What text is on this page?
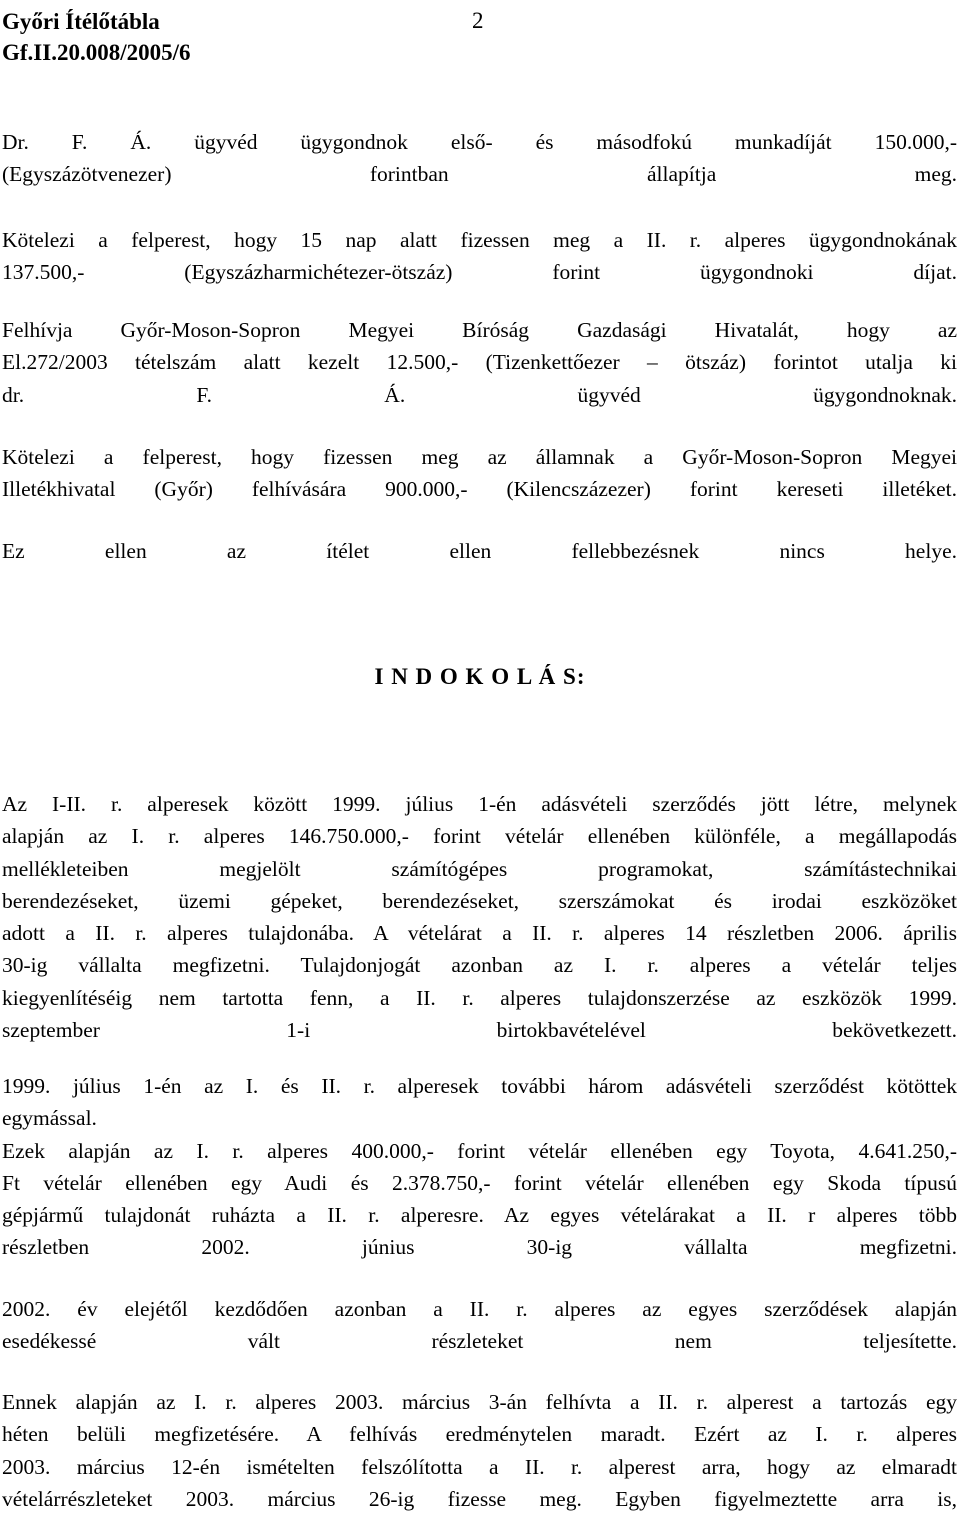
Győri Ítélőtábla
Gf.II.20.008/2005/6
2
Dr. F. Á. ügyvéd ügygondnok első- és másodfokú munkadíját 150.000,-
(Egyszázötvenezer) forintban állapítja meg.
Kötelezi a felperest, hogy 15 nap alatt fizessen meg a II. r. alperes ügygondnokának
137.500,- (Egyszázharmichétezer-ötszáz) forint ügygondnoki díjat.
Felhívja Győr-Moson-Sopron Megyei Bíróság Gazdasági Hivatalát, hogy az
El.272/2003 tételszám alatt kezelt 12.500,- (Tizenkettőezer – ötszáz) forintot utalja ki
dr. F. Á. ügyvéd ügygondnoknak.
Kötelezi a felperest, hogy fizessen meg az államnak a Győr-Moson-Sopron Megyei
Illetékhivatal (Győr) felhívására 900.000,- (Kilencszázezer) forint kereseti illetéket.
Ez ellen az ítélet ellen fellebbezésnek nincs helye.
I N D O K O L Á S:
Az I-II. r. alperesek között 1999. július 1-én adásvételi szerződés jött létre, melynek
alapján az I. r. alperes 146.750.000,- forint vételár ellenében különféle, a megállapodás
mellékleteiben megjelölt számítógépes programokat, számítástechnikai
berendezéseket, üzemi gépeket, berendezéseket, szerszámokat és irodai eszközöket
adott a II. r. alperes tulajdonába. A vételárat a II. r. alperes 14 részletben 2006. április
30-ig vállalta megfizetni. Tulajdonjogát azonban az I. r. alperes a vételár teljes
kiegyenlítéséig nem tartotta fenn, a II. r. alperes tulajdonszerzése az eszközök 1999.
szeptember 1-i birtokbavételével bekövetkezett.
1999. július 1-én az I. és II. r. alperesek további három adásvételi szerződést kötöttek
egymással.
Ezek alapján az I. r. alperes 400.000,- forint vételár ellenében egy Toyota, 4.641.250,-
Ft vételár ellenében egy Audi és 2.378.750,- forint vételár ellenében egy Skoda típusú
gépjármű tulajdonát ruházta a II. r. alperesre. Az egyes vételárakat a II. r alperes több
részletben 2002. június 30-ig vállalta megfizetni.
2002. év elejétől kezdődően azonban a II. r. alperes az egyes szerződések alapján
esedékessé vált részleteket nem teljesítette.
Ennek alapján az I. r. alperes 2003. március 3-án felhívta a II. r. alperest a tartozás egy
héten belüli megfizetésére. A felhívás eredménytelen maradt. Ezért az I. r. alperes
2003. március 12-én ismételten felszólította a II. r. alperest arra, hogy az elmaradt
vételárrészleteket 2003. március 26-ig fizesse meg. Egyben figyelmeztette arra is,
